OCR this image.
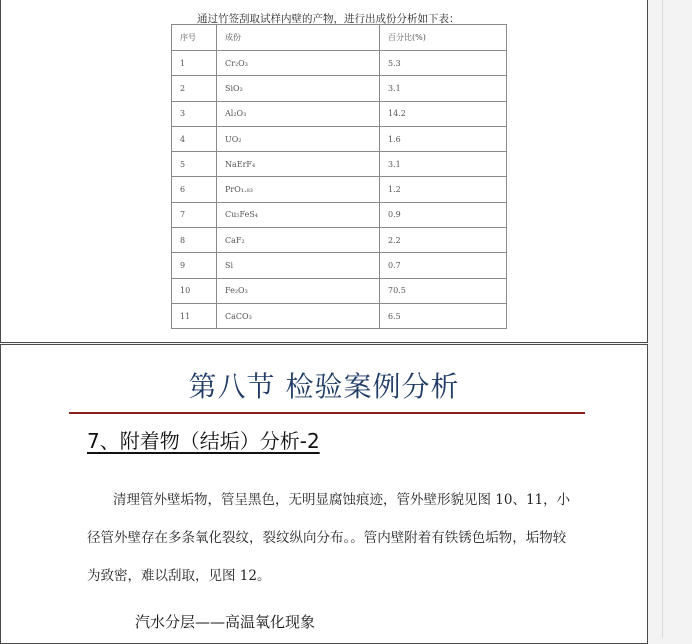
通过竹签刮取试样内壁的产物，进行出成份分析如下表：
序号	成份	百分比(%)
1	Cr₂O₃	5.3
2	SiO₂	3.1
3	Al₂O₃	14.2
4	UO₂	1.6
5	NaErF₄	3.1
6	PrO₁.₈₃	1.2
7	Cu₅FeS₄	0.9
8	CaF₂	2.2
9	Si	0.7
10	Fe₂O₃	70.5
11	CaCO₃	6.5
第八节 检验案例分析
7、附着物（结垢）分析-2
清理管外壁垢物，管呈黑色，无明显腐蚀痕迹，管外壁形貌见图 10、11，小径管外壁存在多条氧化裂纹，裂纹纵向分布。。管内壁附着有铁锈色垢物，垢物较为致密，难以刮取，见图 12。
汽水分层——高温氧化现象
